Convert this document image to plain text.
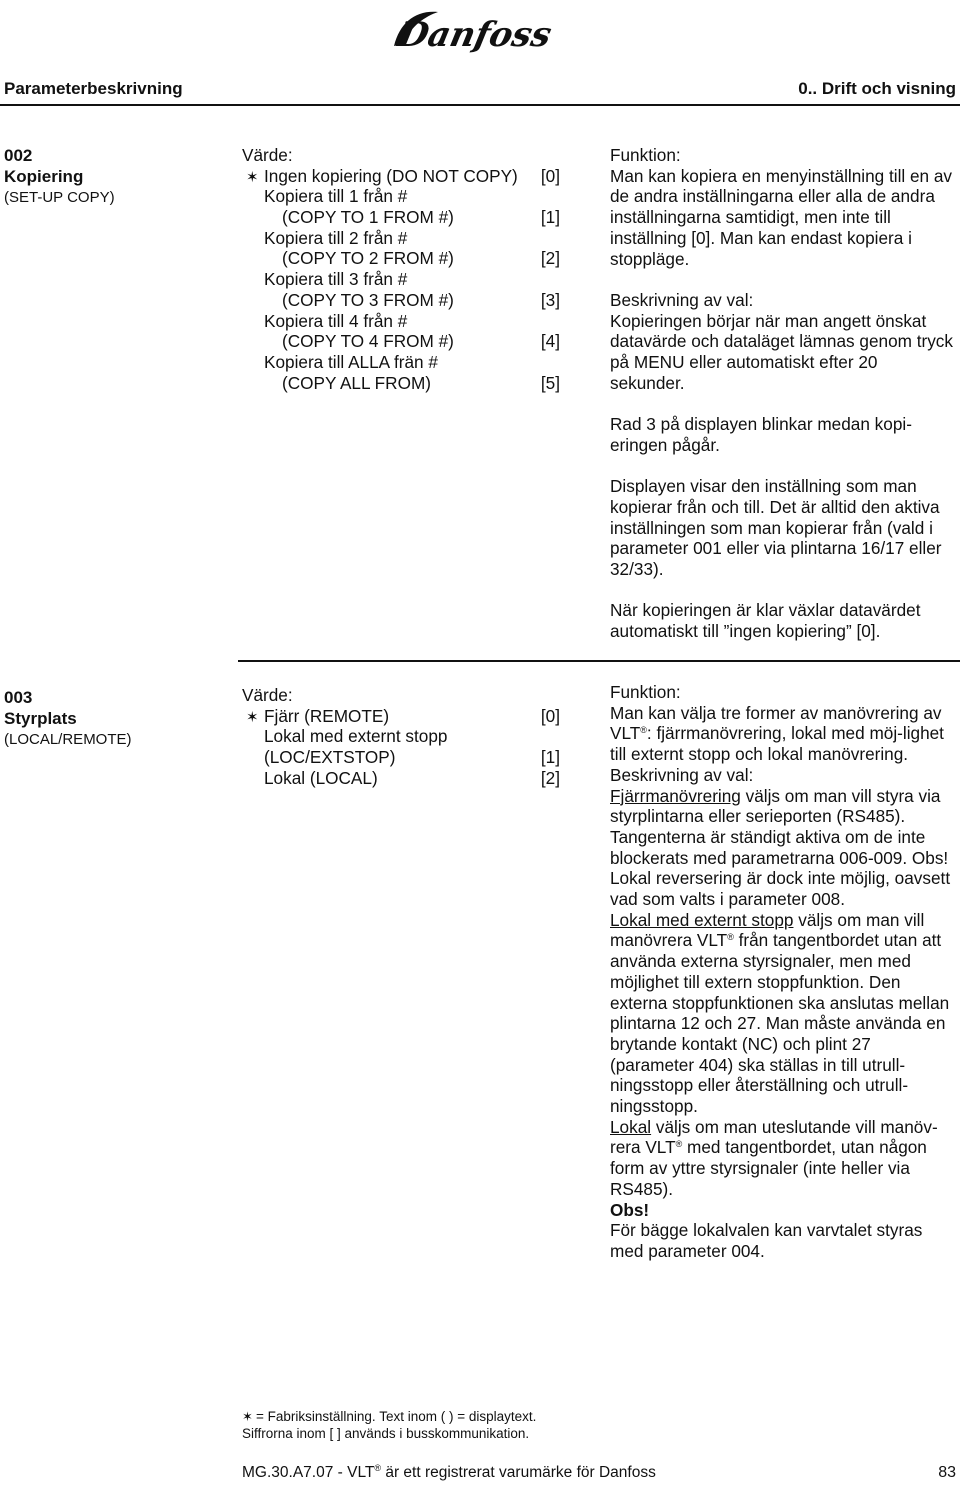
Danfoss
Parameterbeskrivning	0.. Drift och visning
002
Kopiering
(SET-UP COPY)
Värde:
✶ Ingen kopiering (DO NOT COPY) [0]
Kopiera till 1 från #
(COPY TO 1 FROM #)	[1]
Kopiera till 2 från #
(COPY TO 2 FROM #)	[2]
Kopiera till 3 från #
(COPY TO 3 FROM #)	[3]
Kopiera till 4 från #
(COPY TO 4 FROM #)	[4]
Kopiera till ALLA frän #
(COPY ALL FROM)	[5]
Funktion:

Man kan kopiera en menyinställning till en av de andra inställningarna eller alla de andra inställningarna samtidigt, men inte till inställning [0]. Man kan endast kopiera i stoppläge.

Beskrivning av val:

Kopieringen börjar när man angett önskat datavärde och dataläget lämnas genom tryck på MENU eller automatiskt efter 20 sekunder.

Rad 3 på displayen blinkar medan kopi-eringen pågår.

Displayen visar den inställning som man kopierar från och till. Det är alltid den aktiva inställningen som man kopierar från (vald i parameter 001 eller via plintarna 16/17 eller 32/33).

När kopieringen är klar växlar datavärdet automatiskt till ”ingen kopiering” [0].

003
Styrplats
(LOCAL/REMOTE)
Värde:
✶ Fjärr (REMOTE)	[0]
Lokal med externt stopp
(LOC/EXTSTOP)	[1]
Lokal (LOCAL)	[2]
Funktion:
Man kan välja tre former av manövrering av VLT®: fjärrmanövrering, lokal med möj-lighet till externt stopp och lokal manövrering.
Beskrivning av val:
Fjärrmanövrering väljs om man vill styra via styrplintarna eller serieporten (RS485). Tangenterna är ständigt aktiva om de inte blockerats med parametrarna 006-009. Obs! Lokal reversering är dock inte möjlig, oavsett vad som valts i parameter 008.
Lokal med externt stopp väljs om man vill manövrera VLT® från tangentbordet utan att använda externa styrsignaler, men med möjlighet till extern stoppfunktion. Den externa stoppfunktionen ska anslutas mellan plintarna 12 och 27. Man måste använda en brytande kontakt (NC) och plint 27
(parameter 404) ska ställas in till utrull-ningsstopp eller återställning och utrull-ningsstopp.
Lokal väljs om man uteslutande vill manöv-rera VLT® med tangentbordet, utan någon form av yttre styrsignaler (inte heller via RS485).
Obs!
För bägge lokalvalen kan varvtalet styras med parameter 004.
✶ = Fabriksinställning. Text inom ( ) = displaytext.
Siffrorna inom [ ] används i busskommunikation.
MG.30.A7.07 - VLT® är ett registrerat varumärke för Danfoss	83
